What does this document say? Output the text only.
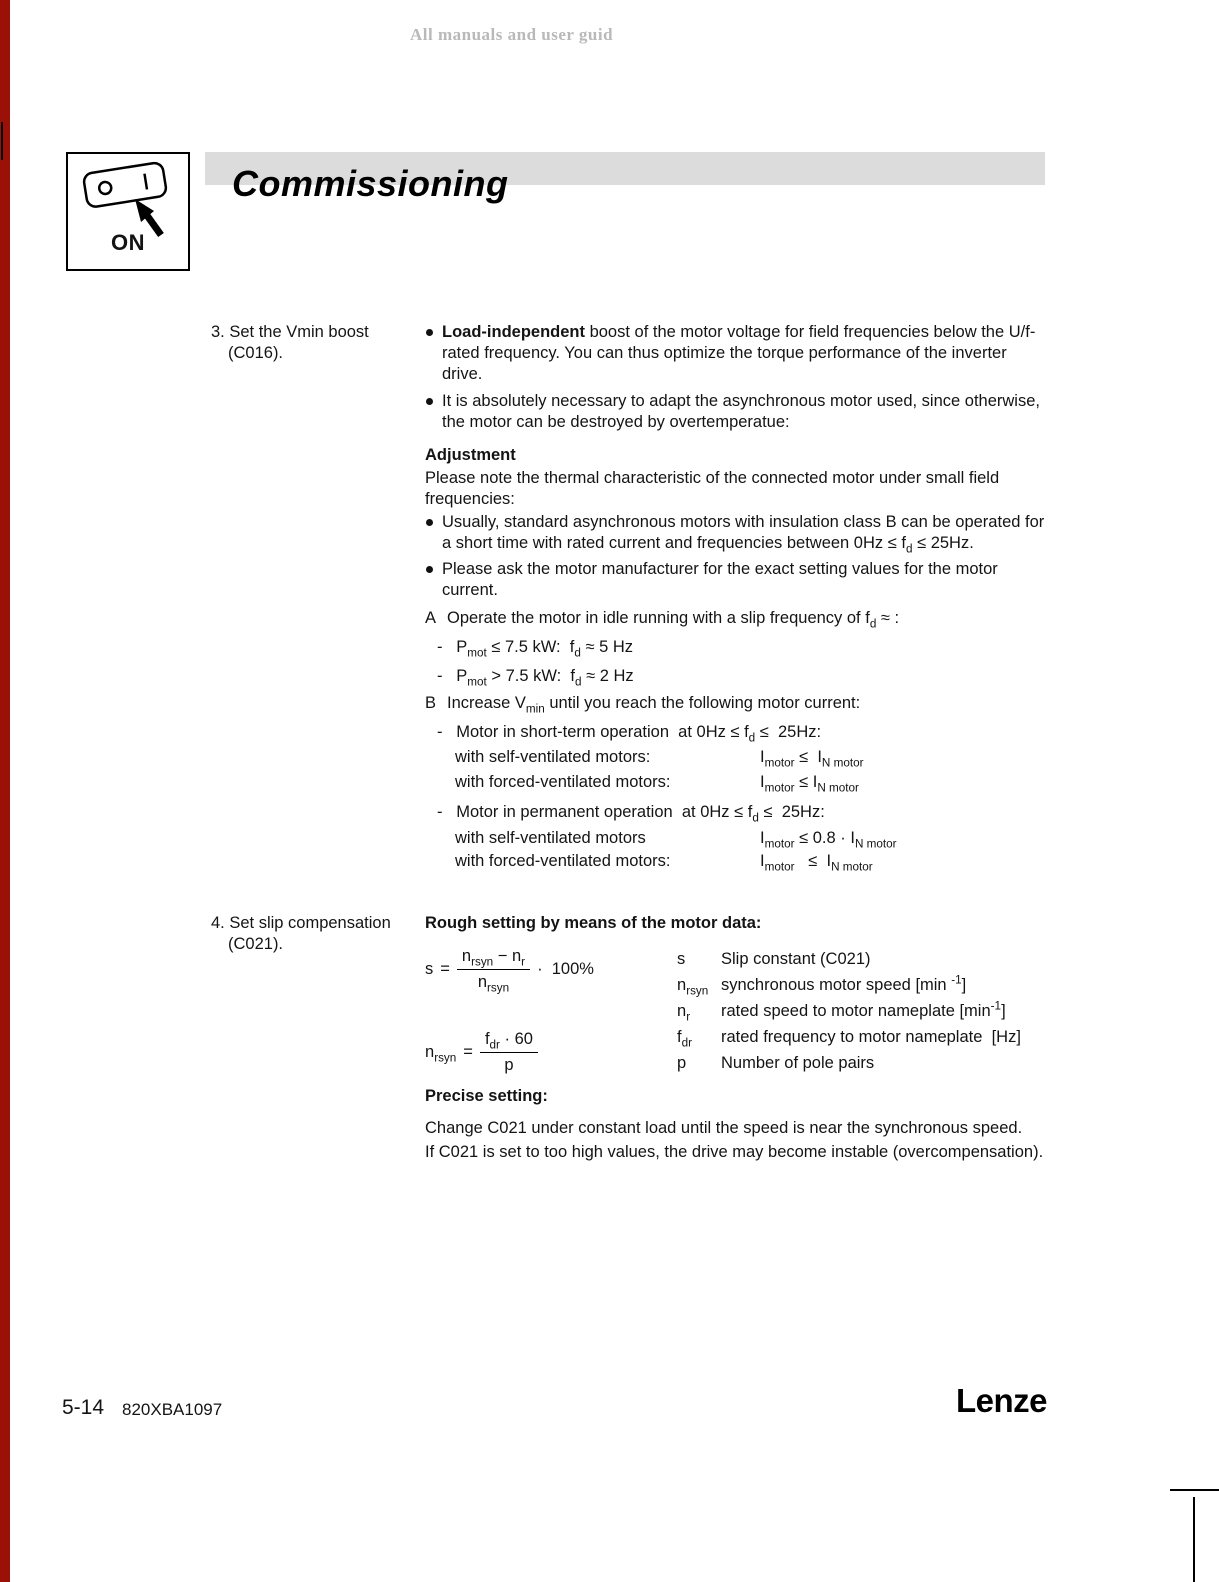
All manuals and user guid
ON
Commissioning
3. Set the Vmin boost
(C016).
Load-independent boost of the motor voltage for field frequencies below the U/f-rated frequency. You can thus optimize the torque performance of the inverter drive.
It is absolutely necessary to adapt the asynchronous motor used, since otherwise, the motor can be destroyed by overtemperatue:
Adjustment
Please note the thermal characteristic of the connected motor under small field frequencies:
Usually, standard asynchronous motors with insulation class B can be operated for a short time with rated current and frequencies between $0Hz \le f_d \le 25Hz$.
Please ask the motor manufacturer for the exact setting values for the motor current.
A Operate the motor in idle running with a slip frequency of $f_d$ ≈ :
-   $P_{mot} \le 7.5$ kW:  $f_d \approx 5$ Hz
-   $P_{mot} > 7.5$ kW:  $f_d \approx 2$ Hz
B Increase $V_{min}$ until you reach the following motor current:
-   Motor in short-term operation  at $0Hz \le f_d \le 25Hz$:
with self-ventilated motors:	$I_{motor} \le I_{N motor}$
with forced-ventilated motors:	$I_{motor} \le I_{N motor}$
-   Motor in permanent operation  at $0Hz \le f_d \le 25Hz$:
with self-ventilated motors	$I_{motor} \le 0.8 \cdot I_{N motor}$
with forced-ventilated motors:	$I_{motor} \le I_{N motor}$
4. Set slip compensation
(C021).
Rough setting by means of the motor data:
$s = \frac{n_{rsyn} - n_r}{n_{rsyn}} \cdot 100\%$
$n_{rsyn} = \frac{f_{dr} \cdot 60}{p}$
s	Slip constant (C021)
$n_{rsyn}$ synchronous motor speed [min $^{-1}$]
$n_r$	rated speed to motor nameplate $[\min^{-1}]$
$f_{dr}$	rated frequency to motor nameplate  [Hz]
p	Number of pole pairs
Precise setting:

Change C021 under constant load until the speed is near the synchronous speed.

If C021 is set to too high values, the drive may become instable (overcompensation).

5-14 820XBA1097	Lenze
